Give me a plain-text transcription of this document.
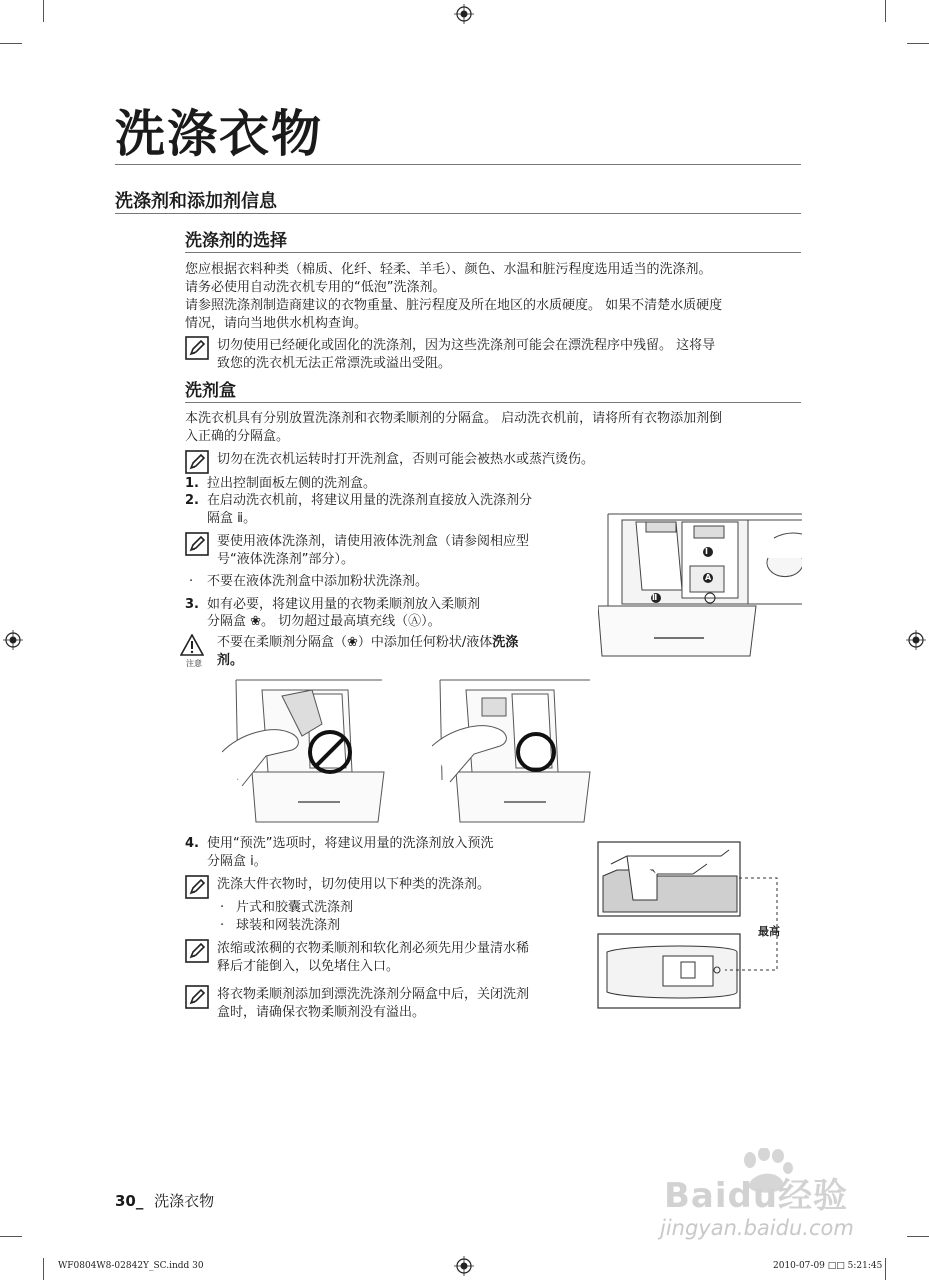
洗涤衣物
洗涤剂和添加剂信息
洗涤剂的选择
您应根据衣料种类（棉质、化纤、轻柔、羊毛）、颜色、水温和脏污程度选用适当的洗涤剂。
请务必使用自动洗衣机专用的“低泡”洗涤剂。
请参照洗涤剂制造商建议的衣物重量、脏污程度及所在地区的水质硬度。 如果不清楚水质硬度
情况，请向当地供水机构查询。
切勿使用已经硬化或固化的洗涤剂，因为这些洗涤剂可能会在漂洗程序中残留。 这将导
致您的洗衣机无法正常漂洗或溢出受阻。
洗剂盒
本洗衣机具有分别放置洗涤剂和衣物柔顺剂的分隔盒。 启动洗衣机前，请将所有衣物添加剂倒
入正确的分隔盒。
切勿在洗衣机运转时打开洗剂盒，否则可能会被热水或蒸汽烫伤。
1. 拉出控制面板左侧的洗剂盒。
2. 在启动洗衣机前，将建议用量的洗涤剂直接放入洗涤剂分
隔盒 ⅱ。
要使用液体洗涤剂，请使用液体洗剂盒（请参阅相应型
号“液体洗涤剂”部分）。
· 不要在液体洗剂盒中添加粉状洗涤剂。
3. 如有必要，将建议用量的衣物柔顺剂放入柔顺剂
分隔盒 ❀。 切勿超过最高填充线（Ⓐ）。
注意
不要在柔顺剂分隔盒（❀）中添加任何粉状/液体洗涤
剂。
Ⅰ
A
Ⅱ
4. 使用“预洗”选项时，将建议用量的洗涤剂放入预洗
分隔盒 ⅰ。
洗涤大件衣物时，切勿使用以下种类的洗涤剂。
· 片式和胶囊式洗涤剂
· 球装和网装洗涤剂
浓缩或浓稠的衣物柔顺剂和软化剂必须先用少量清水稀
释后才能倒入，以免堵住入口。
将衣物柔顺剂添加到漂洗洗涤剂分隔盒中后，关闭洗剂
盒时，请确保衣物柔顺剂没有溢出。
最高
30_ 洗涤衣物
WF0804W8-02842Y_SC.indd 30	2010-07-09 □□ 5:21:45
Baidu经验
jingyan.baidu.com
